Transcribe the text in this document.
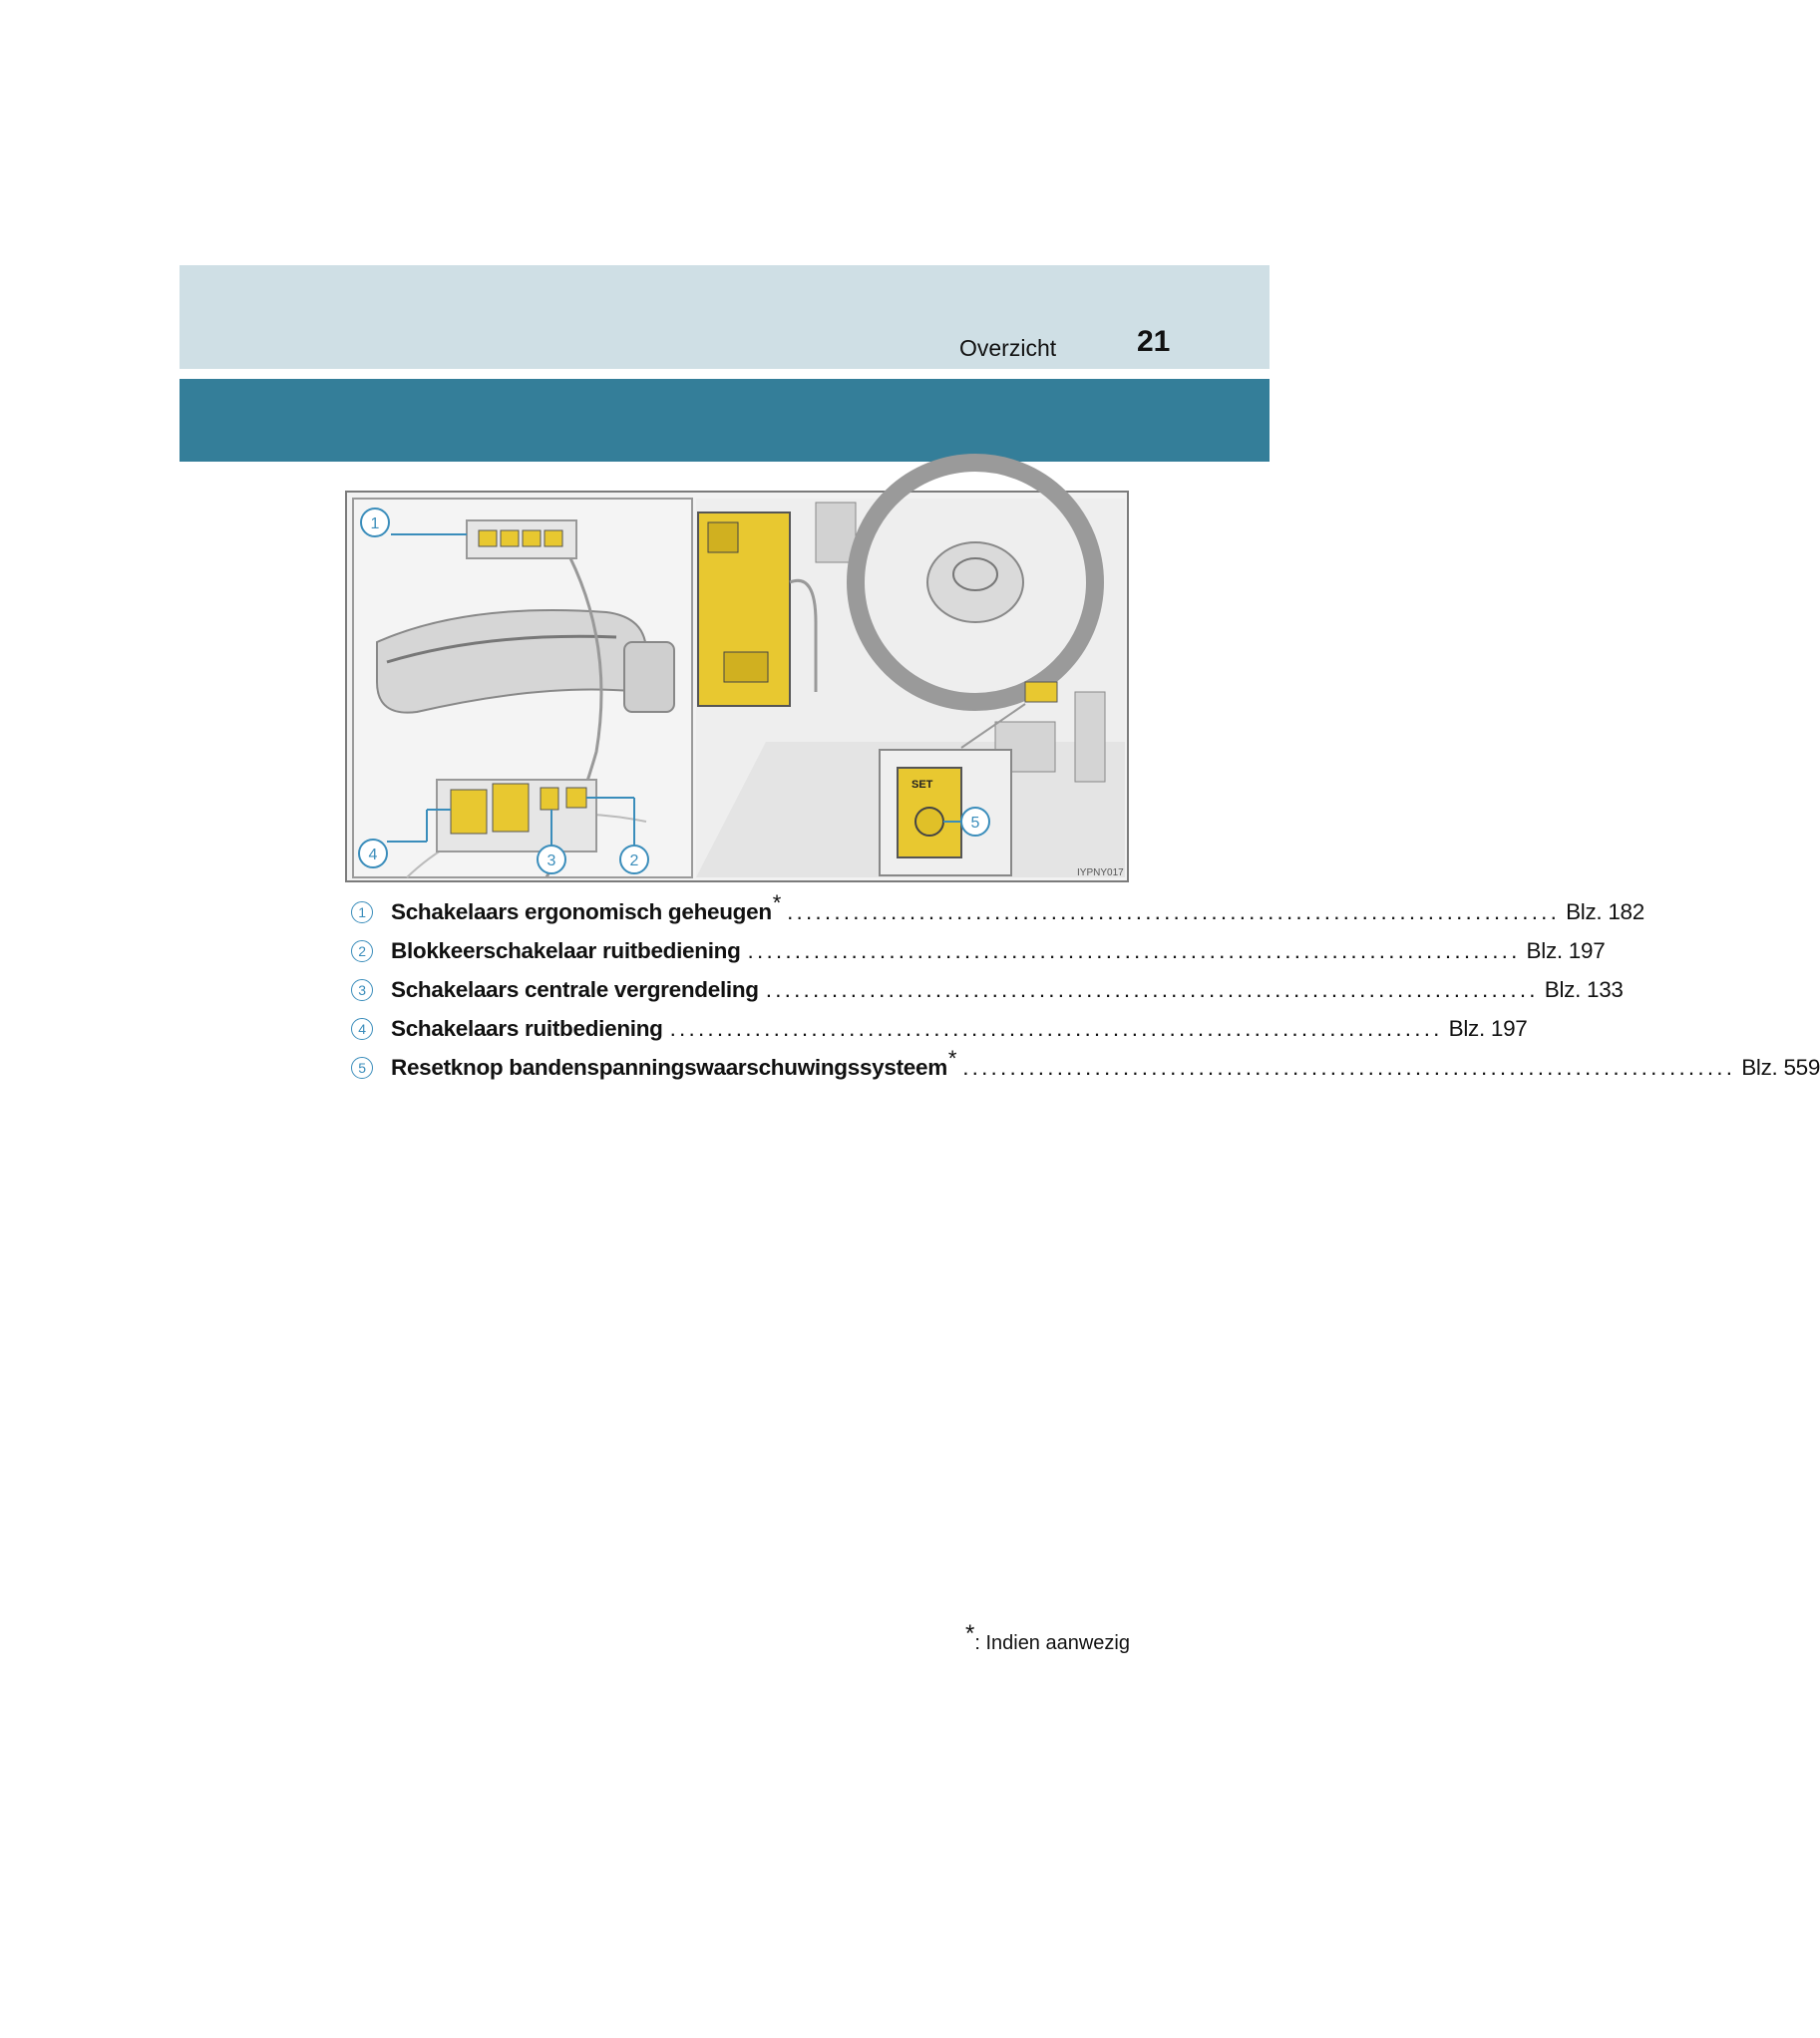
Overzicht	21
SET
1
4	3	2
5
IYPNY017
1	Schakelaars ergonomisch geheugen* .................................................................................. Blz. 182
2	Blokkeerschakelaar ruitbediening .................................................................................. Blz. 197
3	Schakelaars centrale vergrendeling .................................................................................. Blz. 133
4	Schakelaars ruitbediening .................................................................................. Blz. 197
5	Resetknop bandenspanningswaarschuwingssysteem* .................................................................................. Blz. 559
*: Indien aanwezig
